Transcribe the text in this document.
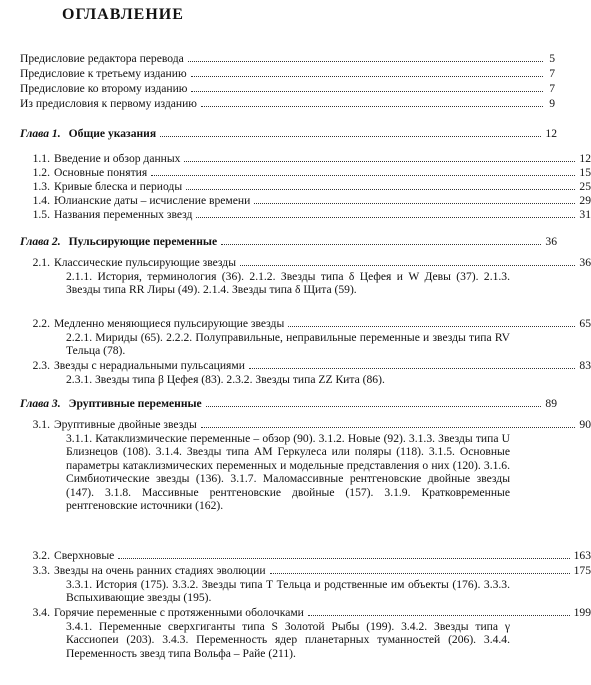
ОГЛАВЛЕНИЕ
Предисловие редактора перевода	5
Предисловие к третьему изданию	7
Предисловие ко второму изданию	7
Из предисловия к первому изданию	9
Глава 1. Общие указания	12
1.1. Введение и обзор данных	12
1.2. Основные понятия	15
1.3. Кривые блеска и периоды	25
1.4. Юлианские даты – исчисление времени	29
1.5. Названия переменных звезд	31
Глава 2. Пульсирующие переменные	36
2.1. Классические пульсирующие звезды	36
2.1.1. История, терминология (36). 2.1.2. Звезды типа δ Цефея и W Девы (37). 2.1.3. Звезды типа RR Лиры (49). 2.1.4. Звезды типа δ Щита (59).
2.2. Медленно меняющиеся пульсирующие звезды	65
2.2.1. Мириды (65). 2.2.2. Полуправильные, неправильные переменные и звезды типа RV Тельца (78).
2.3. Звезды с нерадиальными пульсациями	83
2.3.1. Звезды типа β Цефея (83). 2.3.2. Звезды типа ZZ Кита (86).
Глава 3. Эруптивные переменные	89
3.1. Эруптивные двойные звезды	90
3.1.1. Катаклизмические переменные – обзор (90). 3.1.2. Новые (92). 3.1.3. Звезды типа U Близнецов (108). 3.1.4. Звезды типа AM Геркулеса или поляры (118). 3.1.5. Основные параметры катаклизмических переменных и модельные представления о них (120). 3.1.6. Симбиотические звезды (136). 3.1.7. Маломассивные рентгеновские двойные звезды (147). 3.1.8. Массивные рентгеновские двойные (157). 3.1.9. Кратковременные рентгеновские источники (162).
3.2. Сверхновые	163
3.3. Звезды на очень ранних стадиях эволюции	175
3.3.1. История (175). 3.3.2. Звезды типа Т Тельца и родственные им объекты (176). 3.3.3. Вспыхивающие звезды (195).
3.4. Горячие переменные с протяженными оболочками	199
3.4.1. Переменные сверхгиганты типа S Золотой Рыбы (199). 3.4.2. Звезды типа γ Кассиопеи (203). 3.4.3. Переменность ядер планетарных туманностей (206). 3.4.4. Переменность звезд типа Вольфа – Райе (211).
